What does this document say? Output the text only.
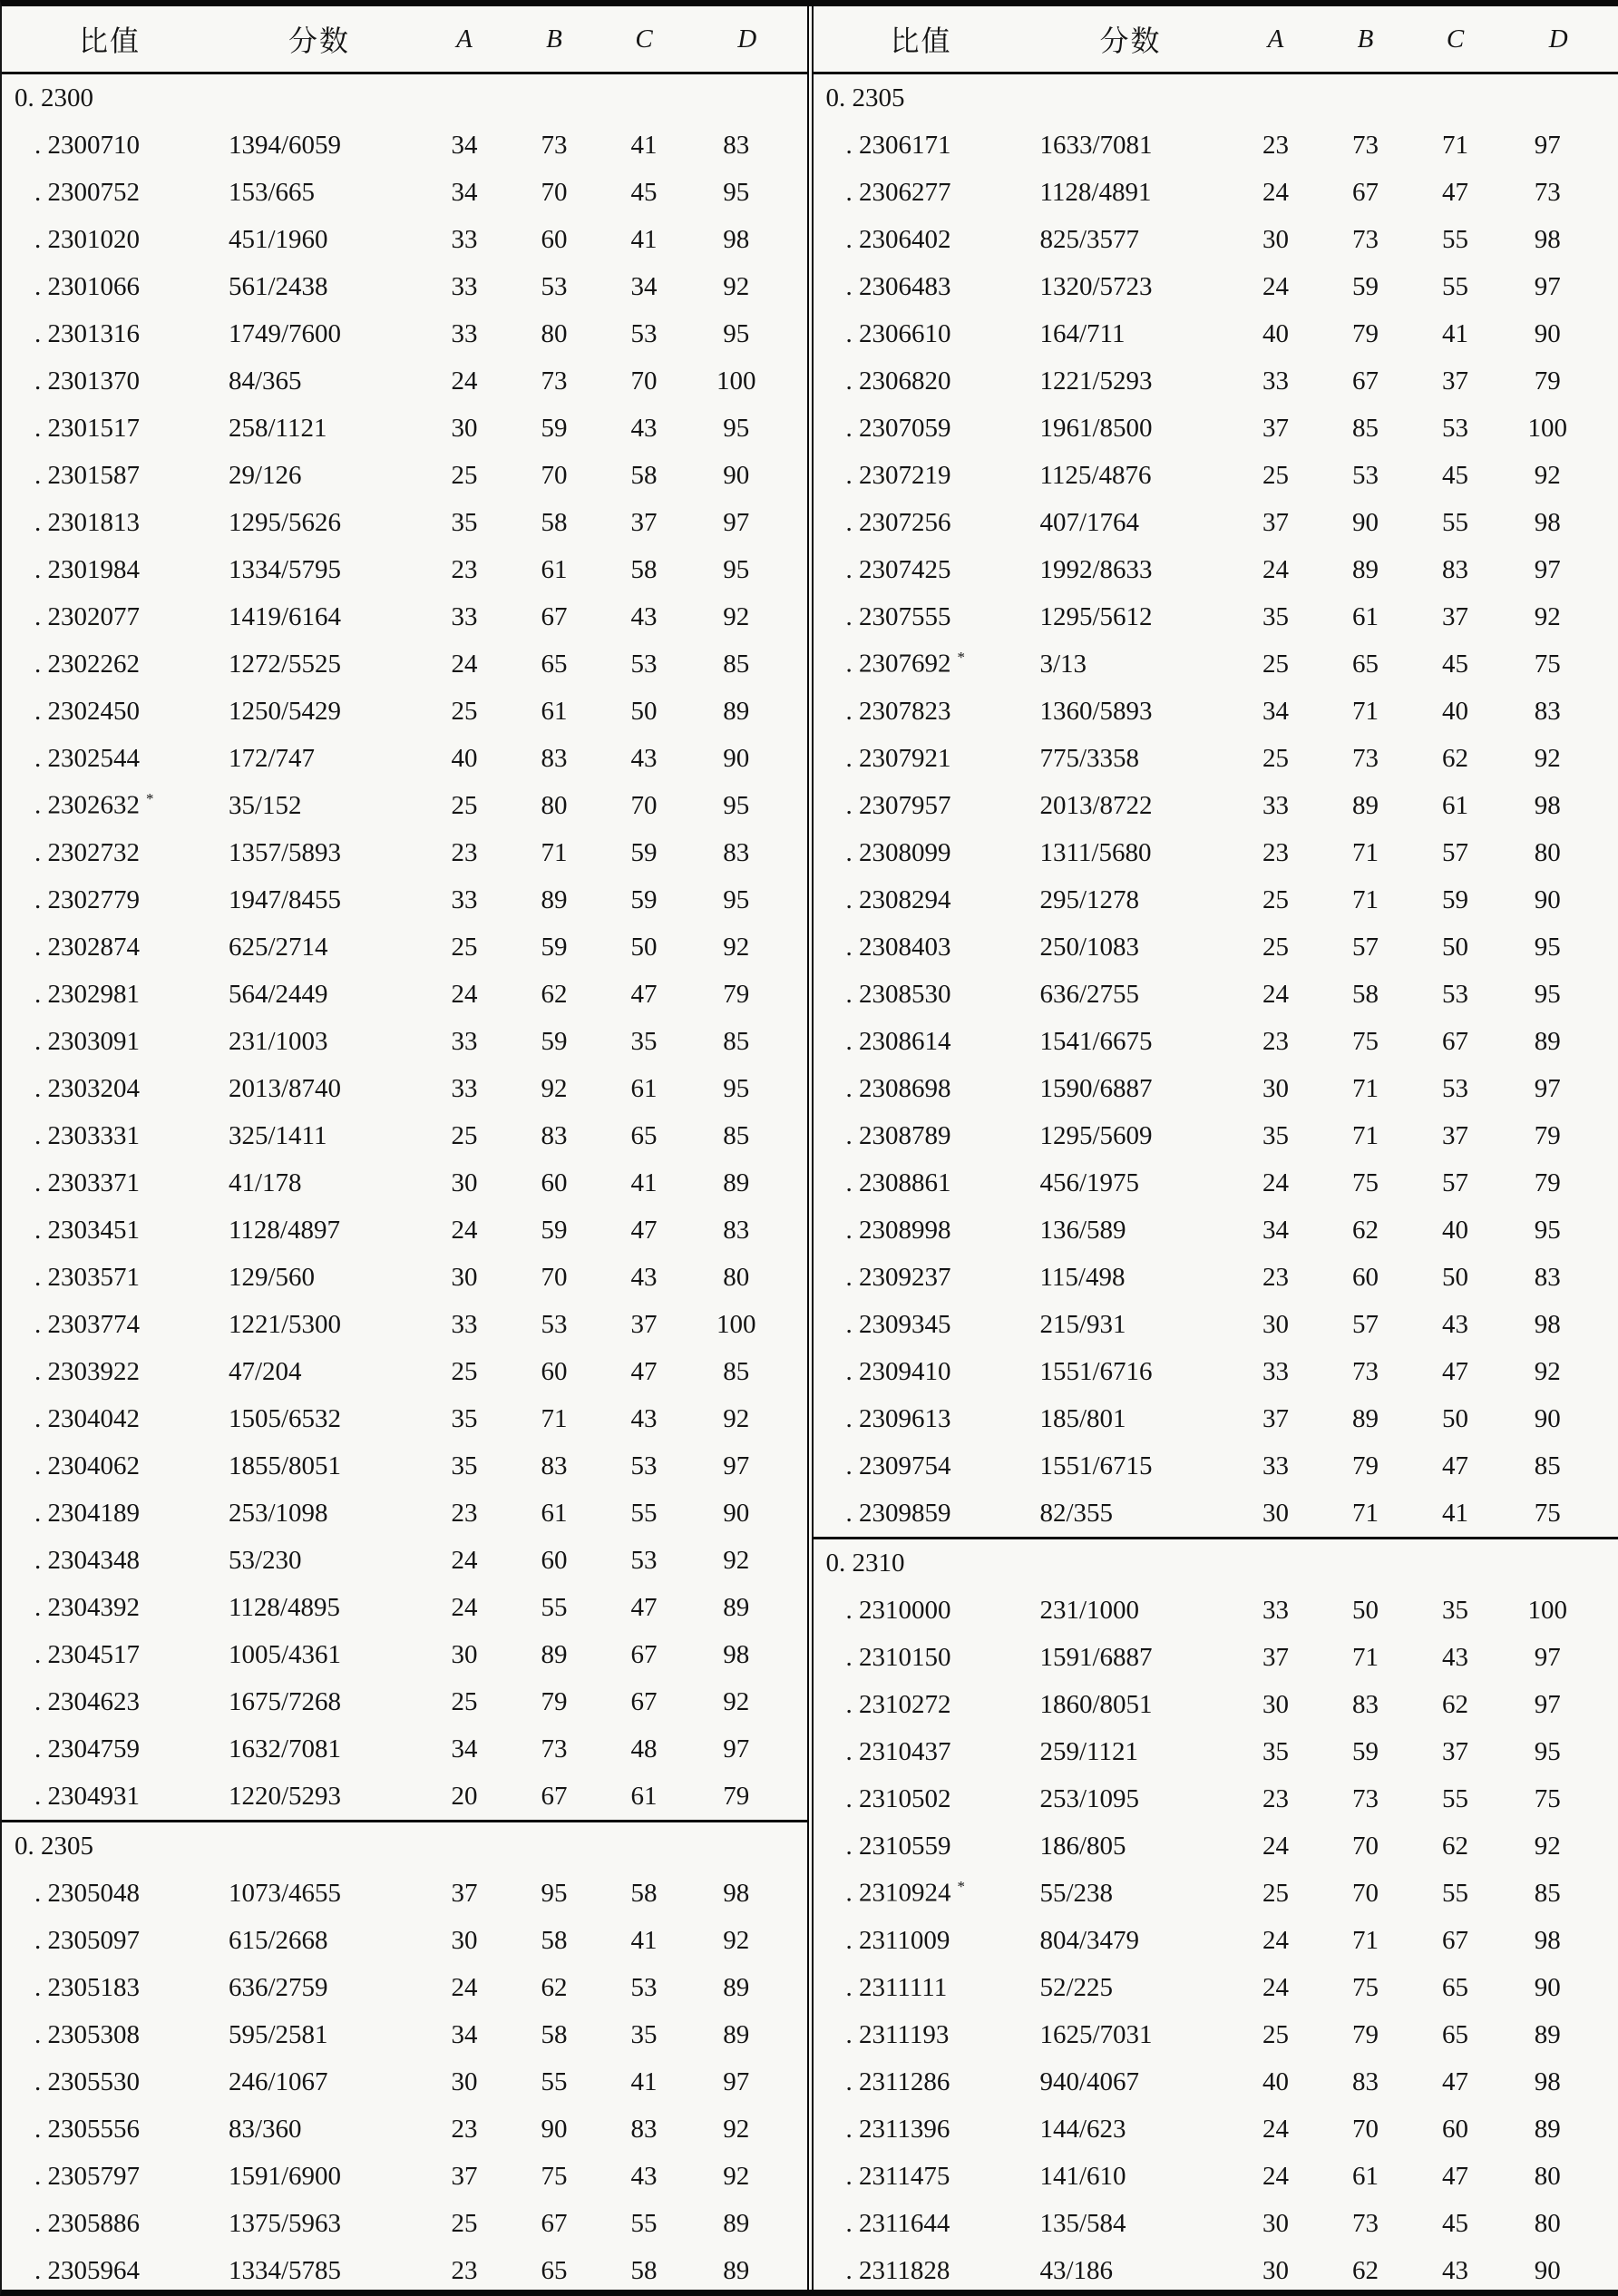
比值	分数	A	B	C	D
0. 2300
. 2300710	1394/6059	34	73	41	83
. 2300752	153/665	34	70	45	95
. 2301020	451/1960	33	60	41	98
. 2301066	561/2438	33	53	34	92
. 2301316	1749/7600	33	80	53	95
. 2301370	84/365	24	73	70	100
. 2301517	258/1121	30	59	43	95
. 2301587	29/126	25	70	58	90
. 2301813	1295/5626	35	58	37	97
. 2301984	1334/5795	23	61	58	95
. 2302077	1419/6164	33	67	43	92
. 2302262	1272/5525	24	65	53	85
. 2302450	1250/5429	25	61	50	89
. 2302544	172/747	40	83	43	90
. 2302632 *	35/152	25	80	70	95
. 2302732	1357/5893	23	71	59	83
. 2302779	1947/8455	33	89	59	95
. 2302874	625/2714	25	59	50	92
. 2302981	564/2449	24	62	47	79
. 2303091	231/1003	33	59	35	85
. 2303204	2013/8740	33	92	61	95
. 2303331	325/1411	25	83	65	85
. 2303371	41/178	30	60	41	89
. 2303451	1128/4897	24	59	47	83
. 2303571	129/560	30	70	43	80
. 2303774	1221/5300	33	53	37	100
. 2303922	47/204	25	60	47	85
. 2304042	1505/6532	35	71	43	92
. 2304062	1855/8051	35	83	53	97
. 2304189	253/1098	23	61	55	90
. 2304348	53/230	24	60	53	92
. 2304392	1128/4895	24	55	47	89
. 2304517	1005/4361	30	89	67	98
. 2304623	1675/7268	25	79	67	92
. 2304759	1632/7081	34	73	48	97
. 2304931	1220/5293	20	67	61	79
0. 2305
. 2305048	1073/4655	37	95	58	98
. 2305097	615/2668	30	58	41	92
. 2305183	636/2759	24	62	53	89
. 2305308	595/2581	34	58	35	89
. 2305530	246/1067	30	55	41	97
. 2305556	83/360	23	90	83	92
. 2305797	1591/6900	37	75	43	92
. 2305886	1375/5963	25	67	55	89
. 2305964	1334/5785	23	65	58	89
比值	分数	A	B	C	D
0. 2305
. 2306171	1633/7081	23	73	71	97
. 2306277	1128/4891	24	67	47	73
. 2306402	825/3577	30	73	55	98
. 2306483	1320/5723	24	59	55	97
. 2306610	164/711	40	79	41	90
. 2306820	1221/5293	33	67	37	79
. 2307059	1961/8500	37	85	53	100
. 2307219	1125/4876	25	53	45	92
. 2307256	407/1764	37	90	55	98
. 2307425	1992/8633	24	89	83	97
. 2307555	1295/5612	35	61	37	92
. 2307692 *	3/13	25	65	45	75
. 2307823	1360/5893	34	71	40	83
. 2307921	775/3358	25	73	62	92
. 2307957	2013/8722	33	89	61	98
. 2308099	1311/5680	23	71	57	80
. 2308294	295/1278	25	71	59	90
. 2308403	250/1083	25	57	50	95
. 2308530	636/2755	24	58	53	95
. 2308614	1541/6675	23	75	67	89
. 2308698	1590/6887	30	71	53	97
. 2308789	1295/5609	35	71	37	79
. 2308861	456/1975	24	75	57	79
. 2308998	136/589	34	62	40	95
. 2309237	115/498	23	60	50	83
. 2309345	215/931	30	57	43	98
. 2309410	1551/6716	33	73	47	92
. 2309613	185/801	37	89	50	90
. 2309754	1551/6715	33	79	47	85
. 2309859	82/355	30	71	41	75
0. 2310
. 2310000	231/1000	33	50	35	100
. 2310150	1591/6887	37	71	43	97
. 2310272	1860/8051	30	83	62	97
. 2310437	259/1121	35	59	37	95
. 2310502	253/1095	23	73	55	75
. 2310559	186/805	24	70	62	92
. 2310924 *	55/238	25	70	55	85
. 2311009	804/3479	24	71	67	98
. 2311111	52/225	24	75	65	90
. 2311193	1625/7031	25	79	65	89
. 2311286	940/4067	40	83	47	98
. 2311396	144/623	24	70	60	89
. 2311475	141/610	24	61	47	80
. 2311644	135/584	30	73	45	80
. 2311828	43/186	30	62	43	90
